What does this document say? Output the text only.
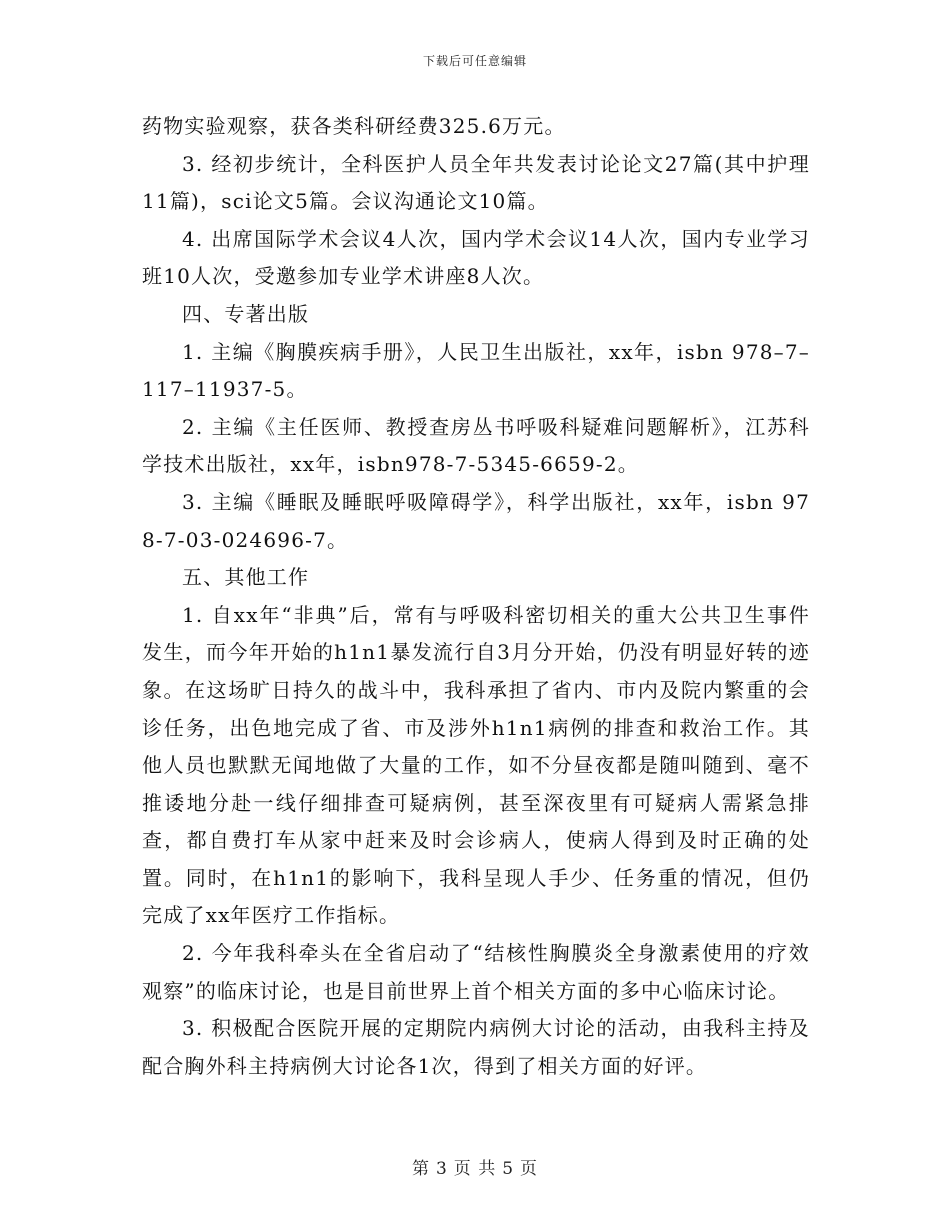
下载后可任意编辑

药物实验观察，获各类科研经费325.6万元。

3. 经初步统计，全科医护人员全年共发表讨论论文27篇(其中护理11篇)，sci论文5篇。会议沟通论文10篇。

4. 出席国际学术会议4人次，国内学术会议14人次，国内专业学习班10人次，受邀参加专业学术讲座8人次。

四、专著出版

1. 主编《胸膜疾病手册》，人民卫生出版社，xx年，isbn 978–7–117–11937-5。

2. 主编《主任医师、教授查房丛书呼吸科疑难问题解析》，江苏科学技术出版社，xx年，isbn978-7-5345-6659-2。

3. 主编《睡眠及睡眠呼吸障碍学》，科学出版社，xx年，isbn 978-7-03-024696-7。

五、其他工作

1. 自xx年“非典”后，常有与呼吸科密切相关的重大公共卫生事件发生，而今年开始的h1n1暴发流行自3月分开始，仍没有明显好转的迹象。在这场旷日持久的战斗中，我科承担了省内、市内及院内繁重的会诊任务，出色地完成了省、市及涉外h1n1病例的排查和救治工作。其他人员也默默无闻地做了大量的工作，如不分昼夜都是随叫随到、毫不推诿地分赴一线仔细排查可疑病例，甚至深夜里有可疑病人需紧急排查，都自费打车从家中赶来及时会诊病人，使病人得到及时正确的处置。同时，在h1n1的影响下，我科呈现人手少、任务重的情况，但仍完成了xx年医疗工作指标。

2. 今年我科牵头在全省启动了“结核性胸膜炎全身激素使用的疗效观察”的临床讨论，也是目前世界上首个相关方面的多中心临床讨论。

3. 积极配合医院开展的定期院内病例大讨论的活动，由我科主持及配合胸外科主持病例大讨论各1次，得到了相关方面的好评。

第 3 页 共 5 页
